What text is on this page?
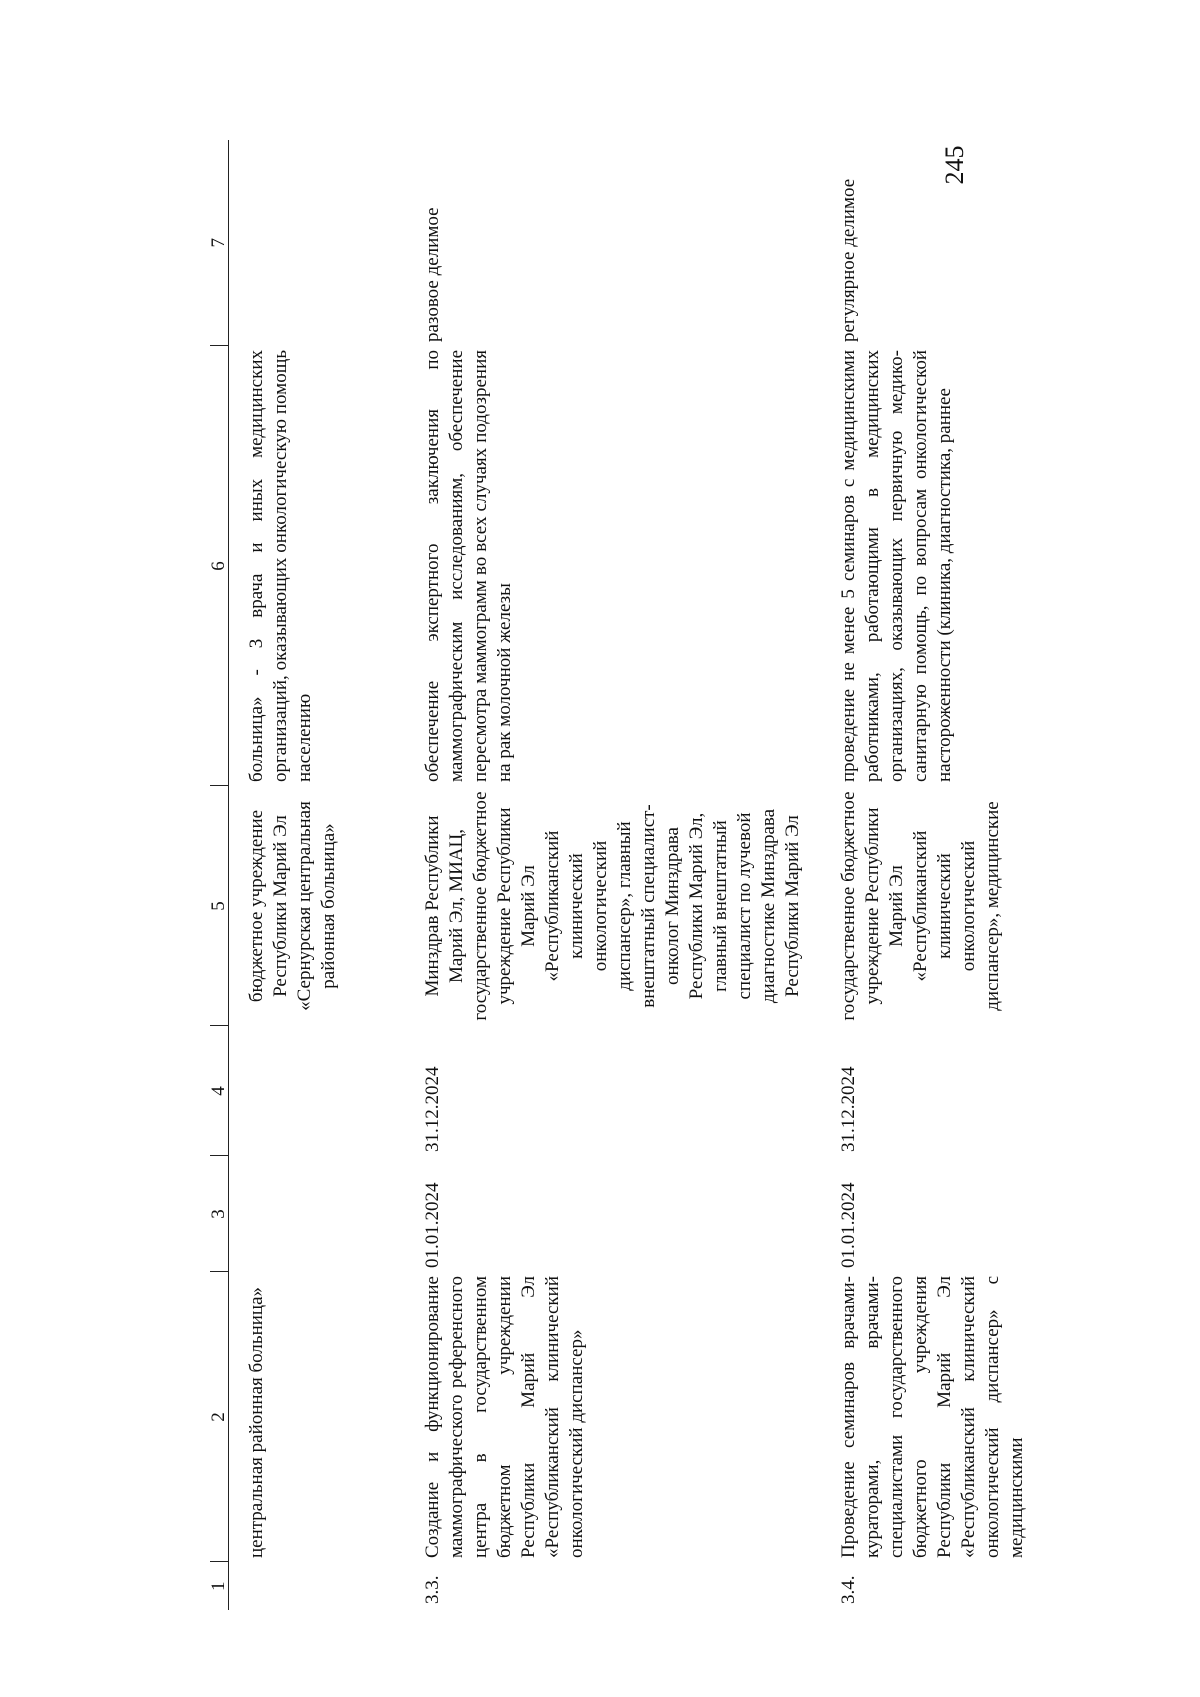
245
1	2	3	4	5	6	7
	центральная районная больница»			бюджетное учреждение Республики Марий Эл «Сернурская центральная районная больница»	больница» - 3 врача и иных медицинских организаций, оказывающих онкологическую помощь населению	
3.3.	Создание и функционирование маммографического референсного центра в государственном бюджетном учреждении Республики Марий Эл «Республиканский клинический онкологический диспансер»	01.01.2024	31.12.2024	Минздрав Республики Марий Эл, МИАЦ, государственное бюджетное учреждение Республики Марий Эл «Республиканский клинический онкологический диспансер», главный внештатный специалист-онколог Минздрава Республики Марий Эл, главный внештатный специалист по лучевой диагностике Минздрава Республики Марий Эл	обеспечение экспертного заключения по маммографическим исследованиям, обеспечение пересмотра маммограмм во всех случаях подозрения на рак молочной железы	разовое делимое
3.4.	Проведение семинаров врачами-кураторами, врачами-специалистами государственного бюджетного учреждения Республики Марий Эл «Республиканский клинический онкологический диспансер» с медицинскими	01.01.2024	31.12.2024	государственное бюджетное учреждение Республики Марий Эл «Республиканский клинический онкологический диспансер», медицинские	проведение не менее 5 семинаров с медицинскими работниками, работающими в медицинских организациях, оказывающих первичную медико-санитарную помощь, по вопросам онкологической настороженности (клиника, диагностика, раннее	регулярное делимое
